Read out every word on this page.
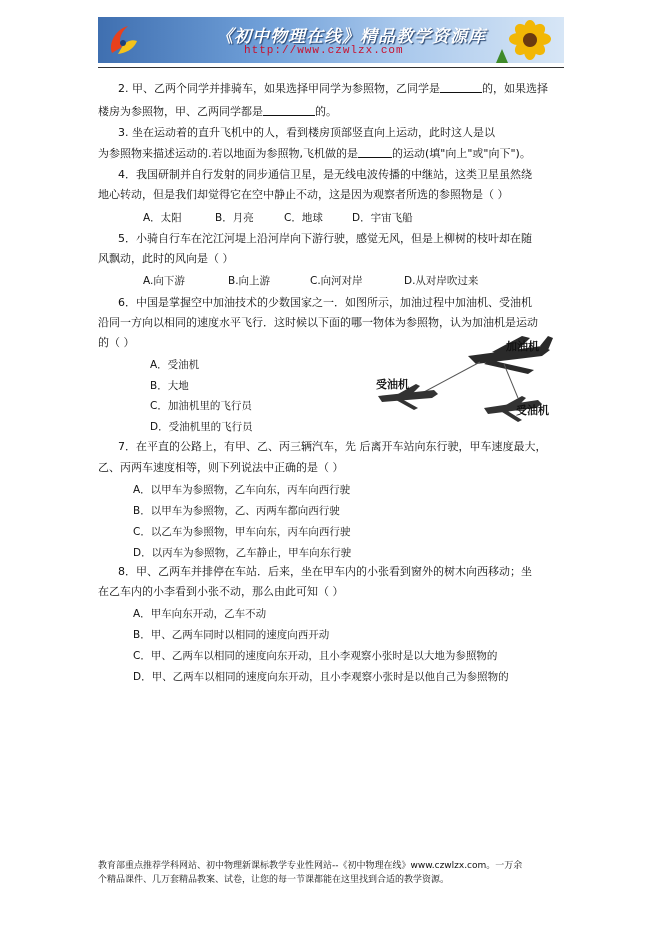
《初中物理在线》精品教学资源库
http://www.czwlzx.com
2. 甲、乙两个同学并排骑车，如果选择甲同学为参照物，乙同学是	的，如果选择
楼房为参照物，甲、乙两同学都是	的。
3. 坐在运动着的直升飞机中的人，看到楼房顶部竖直向上运动，此时这人是以
为参照物来描述运动的.若以地面为参照物,飞机做的是	的运动(填"向上"或"向下")。
4．我国研制并自行发射的同步通信卫星，是无线电波传播的中继站，这类卫星虽然绕
地心转动，但是我们却觉得它在空中静止不动，这是因为观察者所选的参照物是（ ）
A．太阳	B．月亮	C．地球	D．宇宙飞船
5．小骑自行车在沱江河堤上沿河岸向下游行驶，感觉无风，但是上柳树的枝叶却在随
风飘动，此时的风向是（ ）
A.向下游	B.向上游	C.向河对岸	D.从对岸吹过来
6．中国是掌握空中加油技术的少数国家之一．如图所示，加油过程中加油机、受油机
沿同一方向以相同的速度水平飞行．这时候以下面的哪一物体为参照物，认为加油机是运动
的（ ）
A．受油机
B．大地
C．加油机里的飞行员
D．受油机里的飞行员
加油机
受油机
受油机
7．在平直的公路上，有甲、乙、丙三辆汽车，先 后离开车站向东行驶，甲车速度最大，
乙、丙两车速度相等，则下列说法中正确的是（ ）
A．以甲车为参照物，乙车向东，丙车向西行驶
B．以甲车为参照物，乙、丙两车都向西行驶
C．以乙车为参照物，甲车向东，丙车向西行驶
D．以丙车为参照物，乙车静止，甲车向东行驶
8．甲、乙两车并排停在车站．后来，坐在甲车内的小张看到窗外的树木向西移动；坐
在乙车内的小李看到小张不动，那么由此可知（ ）
A．甲车向东开动，乙车不动
B．甲、乙两车同时以相同的速度向西开动
C．甲、乙两车以相同的速度向东开动，且小李观察小张时是以大地为参照物的
D．甲、乙两车以相同的速度向东开动，且小李观察小张时是以他自己为参照物的
教育部重点推荐学科网站、初中物理新课标教学专业性网站--《初中物理在线》www.czwlzx.com。一万余
个精品课件、几万套精品教案、试卷，让您的每一节课都能在这里找到合适的教学资源。
